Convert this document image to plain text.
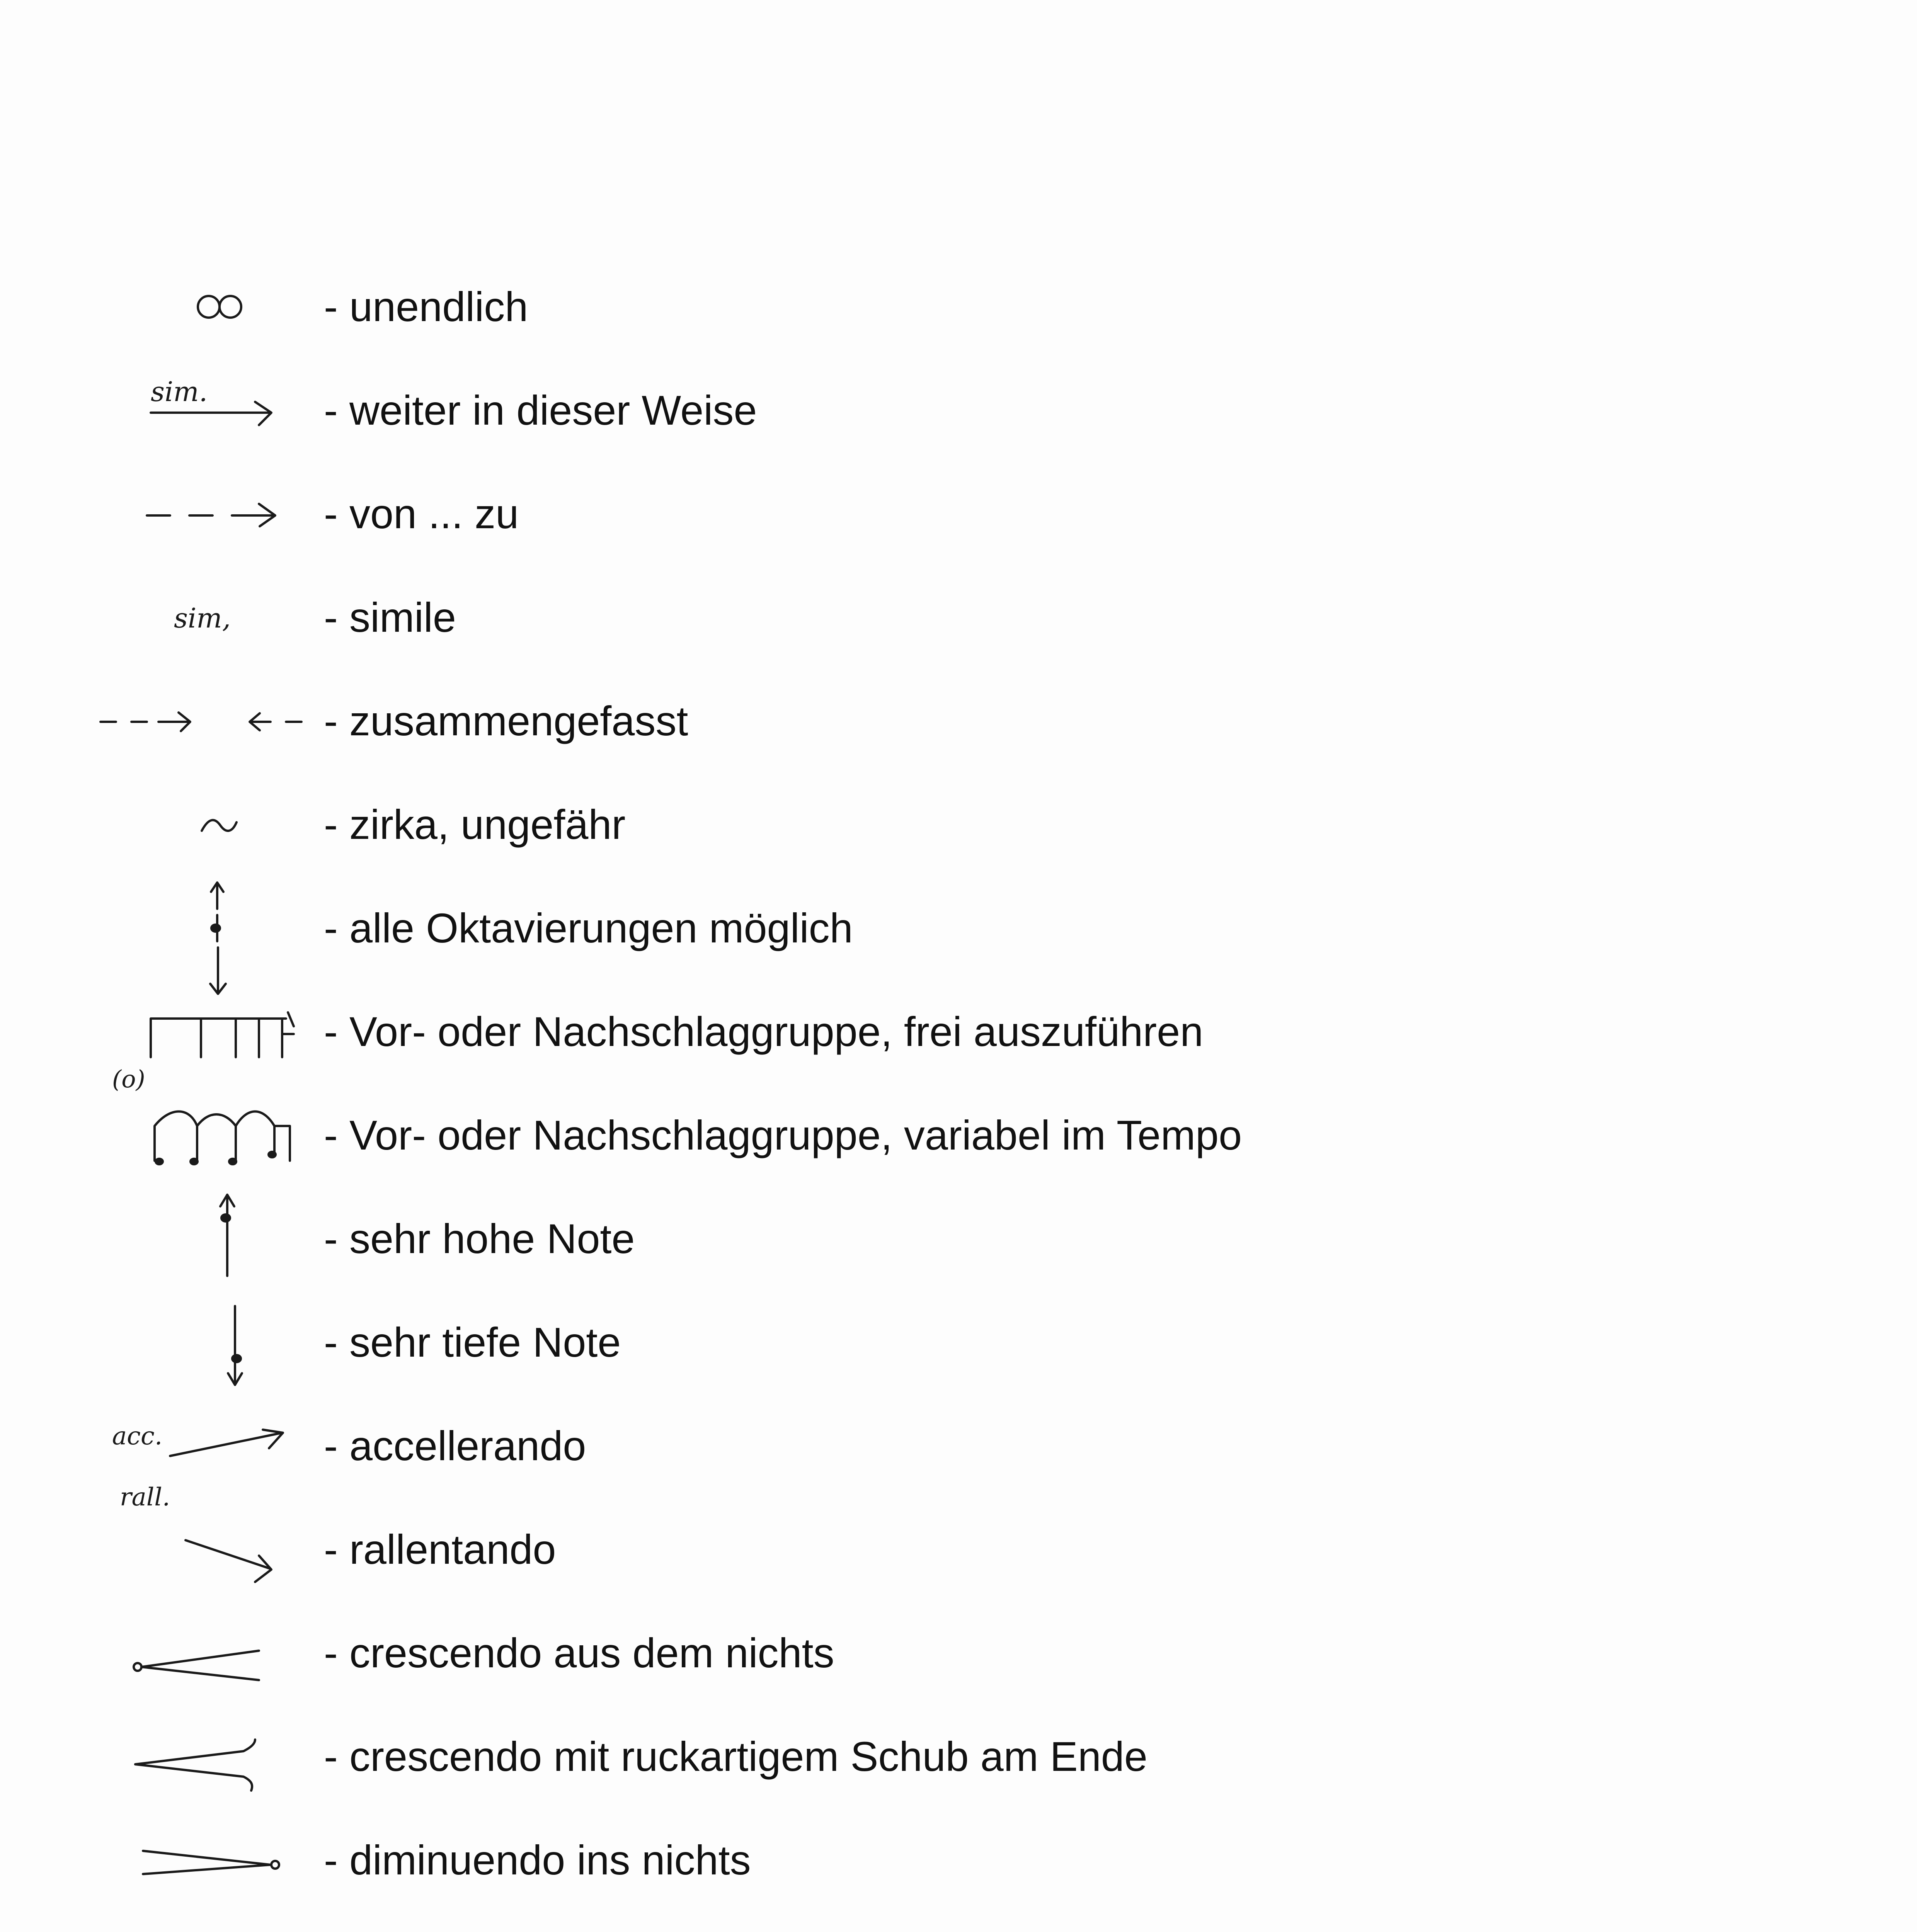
- unendlich
sim.	- weiter in dieser Weise
- von ... zu
sim, - simile
- zusammengefasst
- zirka, ungefähr
- alle Oktavierungen möglich
- Vor- oder Nachschlaggruppe, frei auszuführen
(o)
- Vor- oder Nachschlaggruppe, variabel im Tempo
- sehr hohe Note
- sehr tiefe Note
acc.	- accellerando
rall.
- rallentando
- crescendo aus dem nichts
- crescendo mit ruckartigem Schub am Ende
- diminuendo ins nichts
